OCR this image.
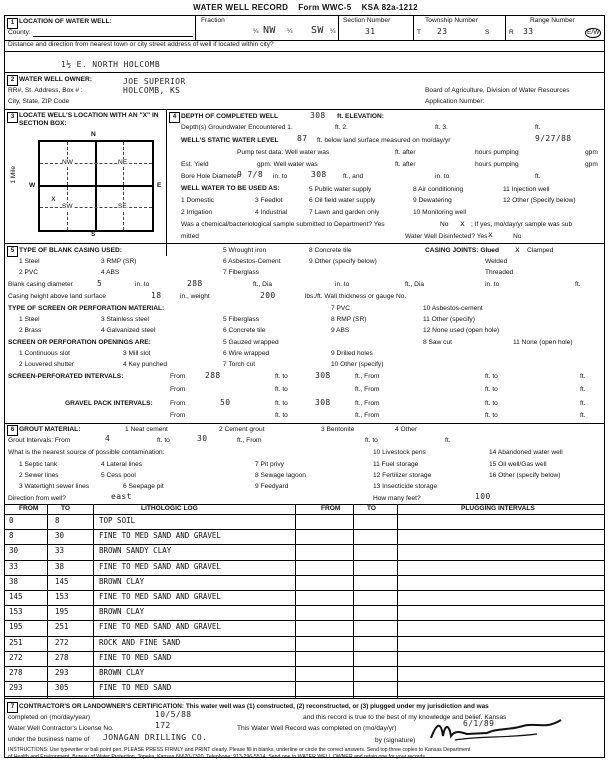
WATER WELL RECORD Form WWC-5 KSA 82a-1212
1 LOCATION OF WATER WELL:
County:
Fraction
¼ NW ¼ SW ¼
Section Number
31
Township Number
T 23	S
Range Number
R 33	E/W
Distance and direction from nearest town or city street address of well if located within city?
1½ E. NORTH HOLCOMB
2 WATER WELL OWNER:	JOE SUPERIOR
RR#, St. Address, Box # :	HOLCOMB, KS
City, State, ZIP Code
Board of Agriculture, Division of Water Resources
Application Number:
3 LOCATE WELL'S LOCATION WITH AN "X" IN SECTION BOX:
N
S
W	E
1 Mile
NW	NE
SW	SE
x
4 DEPTH OF COMPLETED WELL	308 ft. ELEVATION:
Depth(s) Groundwater Encountered 1.	ft. 2.	ft. 3.	ft.
WELL'S STATIC WATER LEVEL 87 ft. below land surface measured on mo/day/yr	9/27/88
Pump test data: Well water was	ft. after	hours pumping	gpm
Est. Yield	gpm: Well water was	ft. after	hours pumping	gpm
Bore Hole Diameter
9 7/8 in. to	308 ft., and	in. to	ft.
WELL WATER TO BE USED AS:
1 Domestic	3 Feedlot
5 Public water supply	8 Air conditioning	11 Injection well
2 Irrigation	4 Industrial	7 Lawn and garden only	10 Monitoring well
6 Oil field water supply	9 Dewatering	12 Other (Specify below)
Was a chemical/bacteriological sample submitted to Department? Yes	x
No	; If yes, mo/day/yr sample was sub
mitted	Water Well Disinfected? Yes x	No
5 TYPE OF BLANK CASING USED:
1 Steel	3 RMP (SR)
5 Wrought iron	8 Concrete tile
2 PVC	4 ABS
6 Asbestos-Cement
7 Fiberglass
9 Other (specify below)
CASING JOINTS: Glued x Clamped
Welded
Threaded
Blank casing diameter	5	in. to	288	ft., Dia	in. to	ft., Dia	in. to	ft.
Casing height above land surface	18	in., weight	200	lbs./ft. Wall thickness or gauge No.
TYPE OF SCREEN OR PERFORATION MATERIAL:
1 Steel	3 Stainless steel	5 Fiberglass
7 PVC	10 Asbestos-cement
2 Brass	4 Galvanized steel	6 Concrete tile
8 RMP (SR)
9 ABS
11 Other (specify)
12 None used (open hole)
SCREEN OR PERFORATION OPENINGS ARE:	5 Gauzed wrapped	8 Saw cut	11 None (open hole)
1 Continuous slot	3 Mill slot	6 Wire wrapped	9 Drilled holes
2 Louvered shutter	4 Key punched	7 Torch cut	10 Other (specify)
SCREEN-PERFORATED INTERVALS:	From 288	ft. to	308	ft., From	ft. to	ft.
From	ft. to	ft., From	ft. to	ft.
GRAVEL PACK INTERVALS:	From	50	ft. to	308	ft., From	ft. to	ft.
From	ft. to	ft., From	ft. to	ft.
6 GROUT MATERIAL:	1 Neat cement	2 Cement grout	3 Bentonite	4 Other
Grout Intervals: From	4	ft. to	30	ft., From	ft. to	ft.
What is the nearest source of possible contamination:
1 Septic tank	4 Lateral lines	7 Pit privy
10 Livestock pens	14 Abandoned water well
2 Sewer lines	5 Cess pool	8 Sewage lagoon
11 Fuel storage	15 Oil well/Gas well
3 Watertight sewer lines	6 Seepage pit	9 Feedyard
12 Fertilizer storage	16 Other (specify below)
13 Insecticide storage
Direction from well?	east	How many feet?	100
FROM	TO	LITHOLOGIC LOG	FROM	TO	PLUGGING INTERVALS
0	8	TOP SOIL
8	30	FINE TO MED SAND AND GRAVEL
30	33	BROWN SANDY CLAY
33	38	FINE TO MED SAND AND GRAVEL
38	145	BROWN CLAY
145	153	FINE TO MED SAND AND GRAVEL
153	195	BROWN CLAY
195	251	FINE TO MED SAND AND GRAVEL
251	272	ROCK AND FINE SAND
272	278	FINE TO MED SAND
278	293	BROWN CLAY
293	305	FINE TO MED SAND
7 CONTRACTOR'S OR LANDOWNER'S CERTIFICATION: This water well was (1) constructed, (2) reconstructed, or (3) plugged under my jurisdiction and was
completed on (mo/day/year)	10/5/88	and this record is true to the best of my knowledge and belief. Kansas
Water Well Contractor's License No.	172	This Water Well Record was completed on (mo/day/yr)
6/1/89
under the business name of JONAGAN DRILLING CO.	by (signature)
INSTRUCTIONS: Use typewriter or ball point pen. PLEASE PRESS FIRMLY and PRINT clearly. Please fill in blanks, underline or circle the correct answers. Send top three copies to Kansas Department
of Health and Environment, Bureau of Water Protection, Topeka, Kansas 66620-7320. Telephone: 913-296-5514. Send one to WATER WELL OWNER and retain one for your records.
